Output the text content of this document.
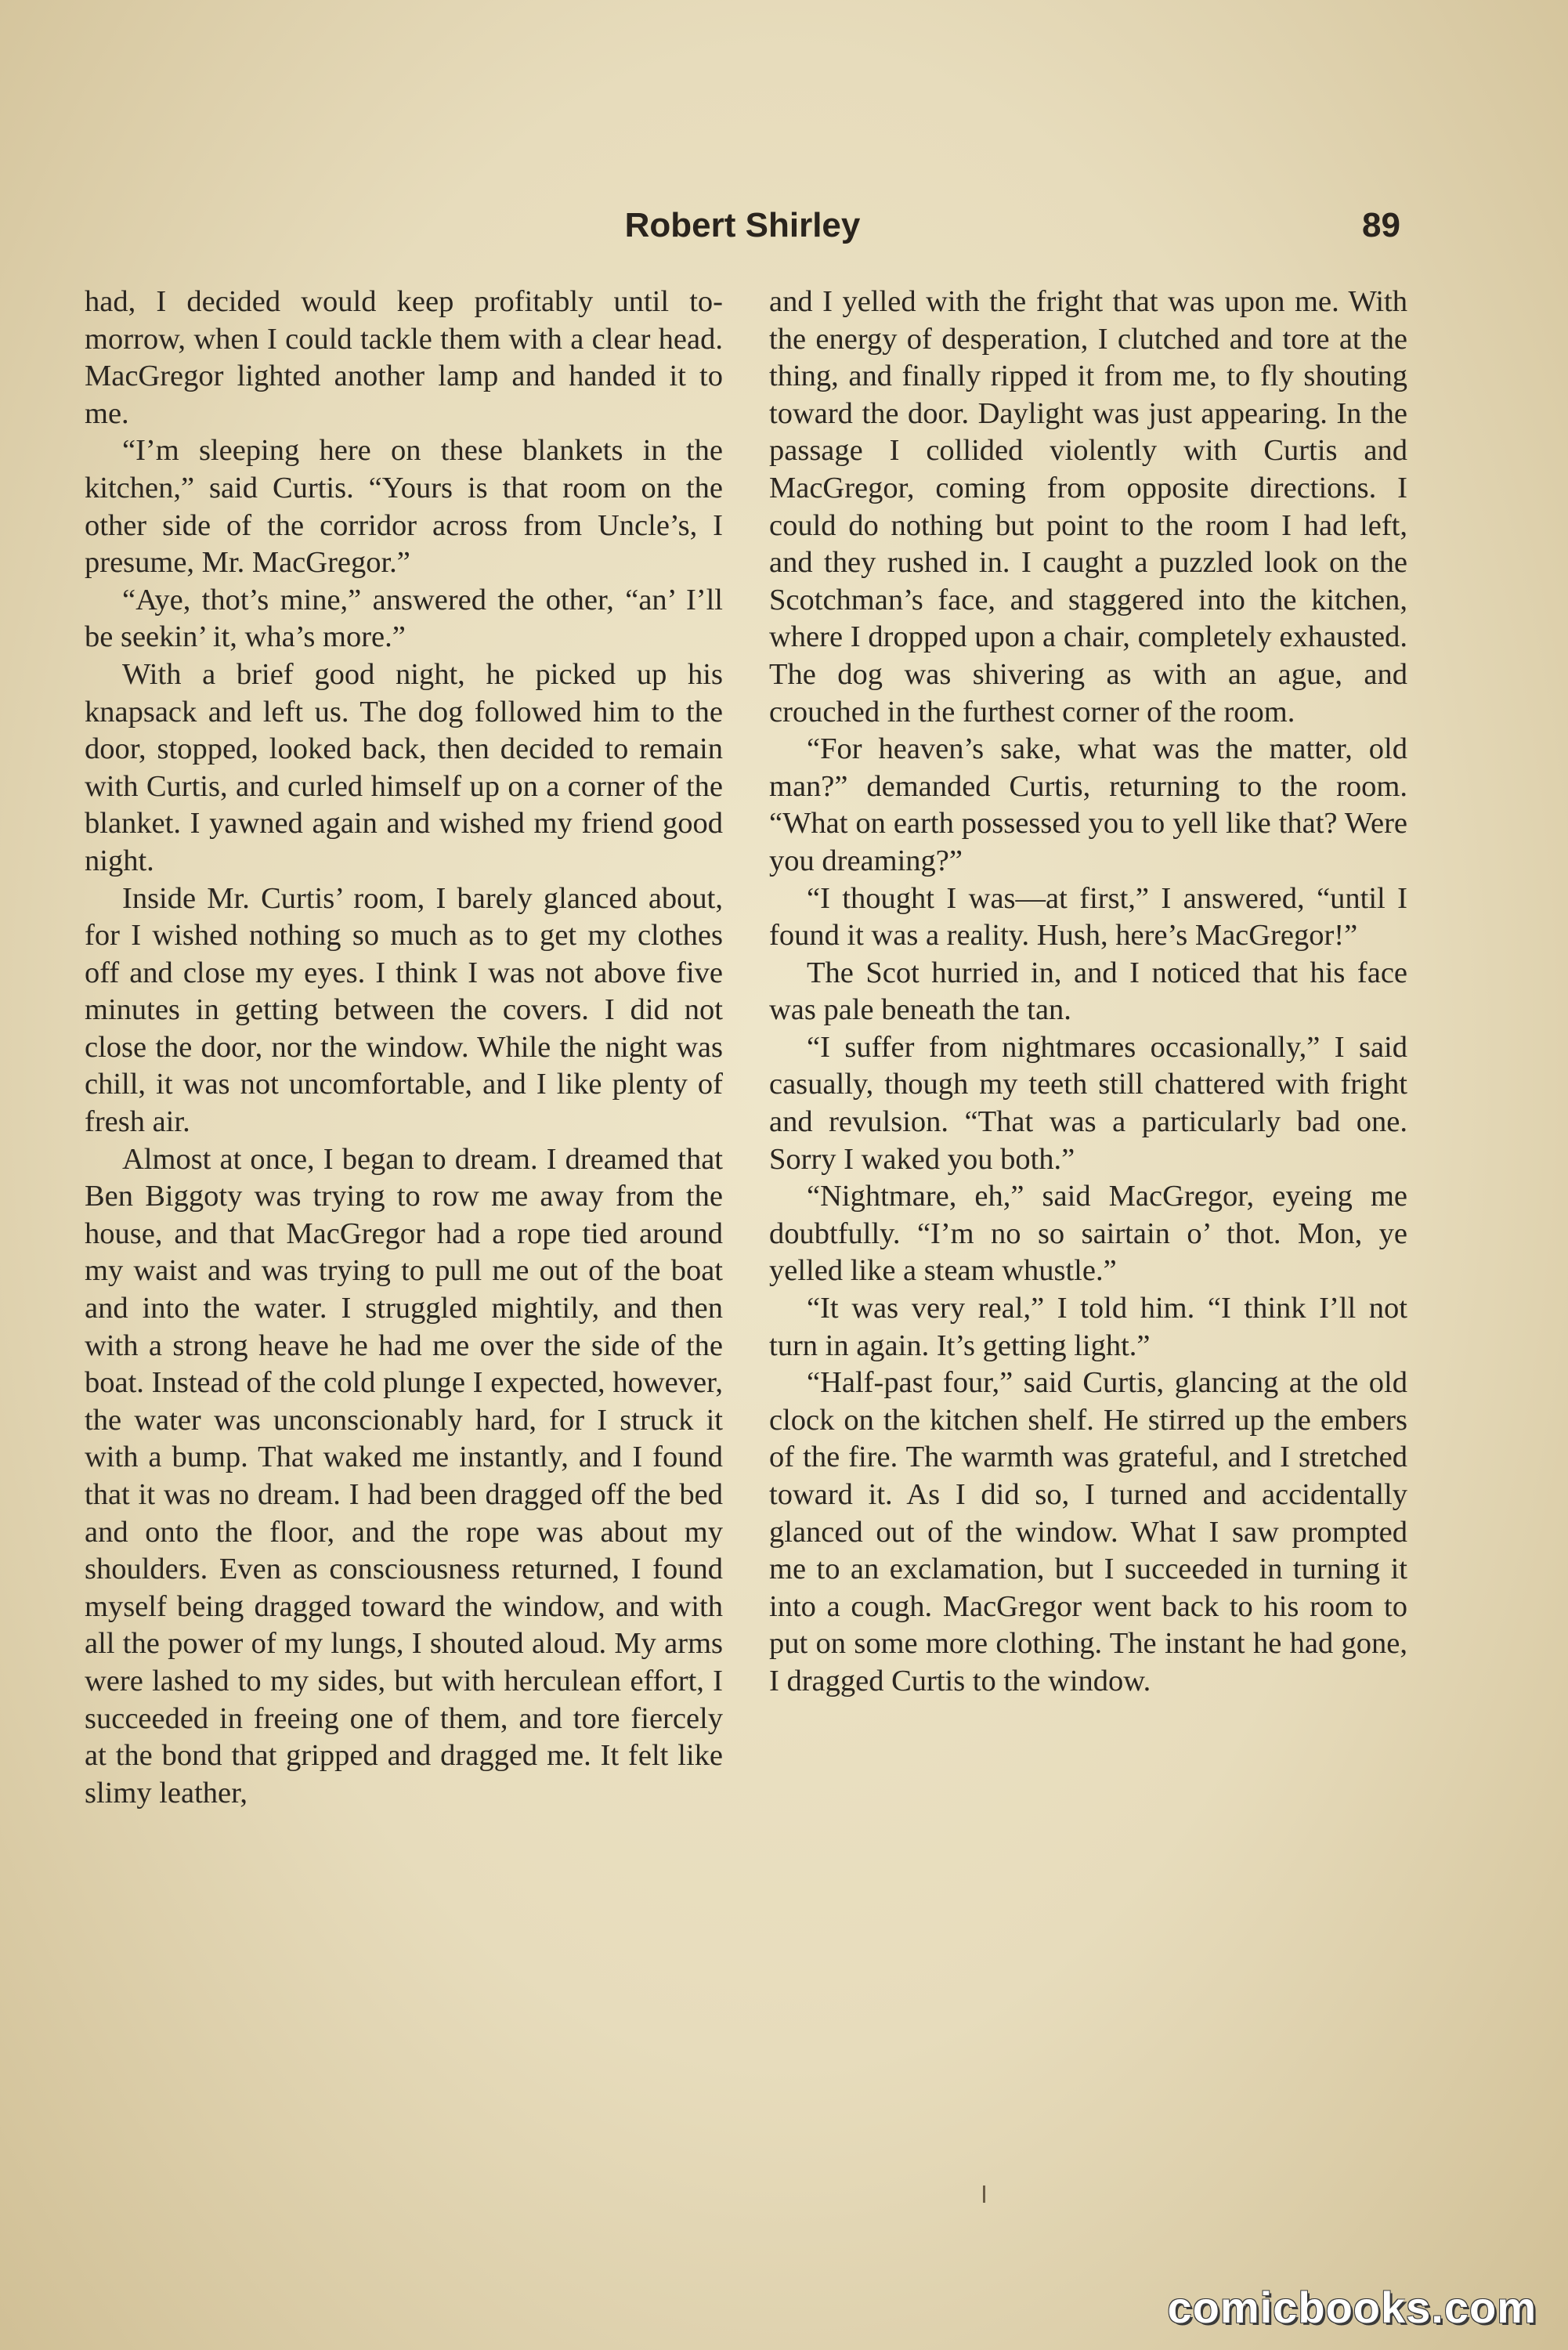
Robert Shirley	89

had, I decided would keep profitably until to-morrow, when I could tackle them with a clear head. MacGregor lighted another lamp and handed it to me.

“I’m sleeping here on these blankets in the kitchen,” said Curtis. “Yours is that room on the other side of the corridor across from Uncle’s, I presume, Mr. MacGregor.”

“Aye, thot’s mine,” answered the other, “an’ I’ll be seekin’ it, wha’s more.”

With a brief good night, he picked up his knapsack and left us. The dog followed him to the door, stopped, looked back, then decided to remain with Curtis, and curled himself up on a corner of the blanket. I yawned again and wished my friend good night.

Inside Mr. Curtis’ room, I barely glanced about, for I wished nothing so much as to get my clothes off and close my eyes. I think I was not above five minutes in getting between the covers. I did not close the door, nor the window. While the night was chill, it was not uncomfortable, and I like plenty of fresh air.

Almost at once, I began to dream. I dreamed that Ben Biggoty was trying to row me away from the house, and that MacGregor had a rope tied around my waist and was trying to pull me out of the boat and into the water. I struggled mightily, and then with a strong heave he had me over the side of the boat. Instead of the cold plunge I expected, however, the water was unconscionably hard, for I struck it with a bump. That waked me instantly, and I found that it was no dream. I had been dragged off the bed and onto the floor, and the rope was about my shoulders. Even as consciousness returned, I found myself being dragged toward the window, and with all the power of my lungs, I shouted aloud. My arms were lashed to my sides, but with herculean effort, I succeeded in freeing one of them, and tore fiercely at the bond that gripped and dragged me. It felt like slimy leather,

and I yelled with the fright that was upon me. With the energy of desperation, I clutched and tore at the thing, and finally ripped it from me, to fly shouting toward the door. Daylight was just appearing. In the passage I collided violently with Curtis and MacGregor, coming from opposite directions. I could do nothing but point to the room I had left, and they rushed in. I caught a puzzled look on the Scotchman’s face, and staggered into the kitchen, where I dropped upon a chair, completely exhausted. The dog was shivering as with an ague, and crouched in the furthest corner of the room.

“For heaven’s sake, what was the matter, old man?” demanded Curtis, returning to the room. “What on earth possessed you to yell like that? Were you dreaming?”

“I thought I was—at first,” I answered, “until I found it was a reality. Hush, here’s MacGregor!”

The Scot hurried in, and I noticed that his face was pale beneath the tan.

“I suffer from nightmares occasionally,” I said casually, though my teeth still chattered with fright and revulsion. “That was a particularly bad one. Sorry I waked you both.”

“Nightmare, eh,” said MacGregor, eyeing me doubtfully. “I’m no so sairtain o’ thot. Mon, ye yelled like a steam whustle.”

“It was very real,” I told him. “I think I’ll not turn in again. It’s getting light.”

“Half-past four,” said Curtis, glancing at the old clock on the kitchen shelf. He stirred up the embers of the fire. The warmth was grateful, and I stretched toward it. As I did so, I turned and accidentally glanced out of the window. What I saw prompted me to an exclamation, but I succeeded in turning it into a cough. MacGregor went back to his room to put on some more clothing. The instant he had gone, I dragged Curtis to the window.

comicbooks.com
